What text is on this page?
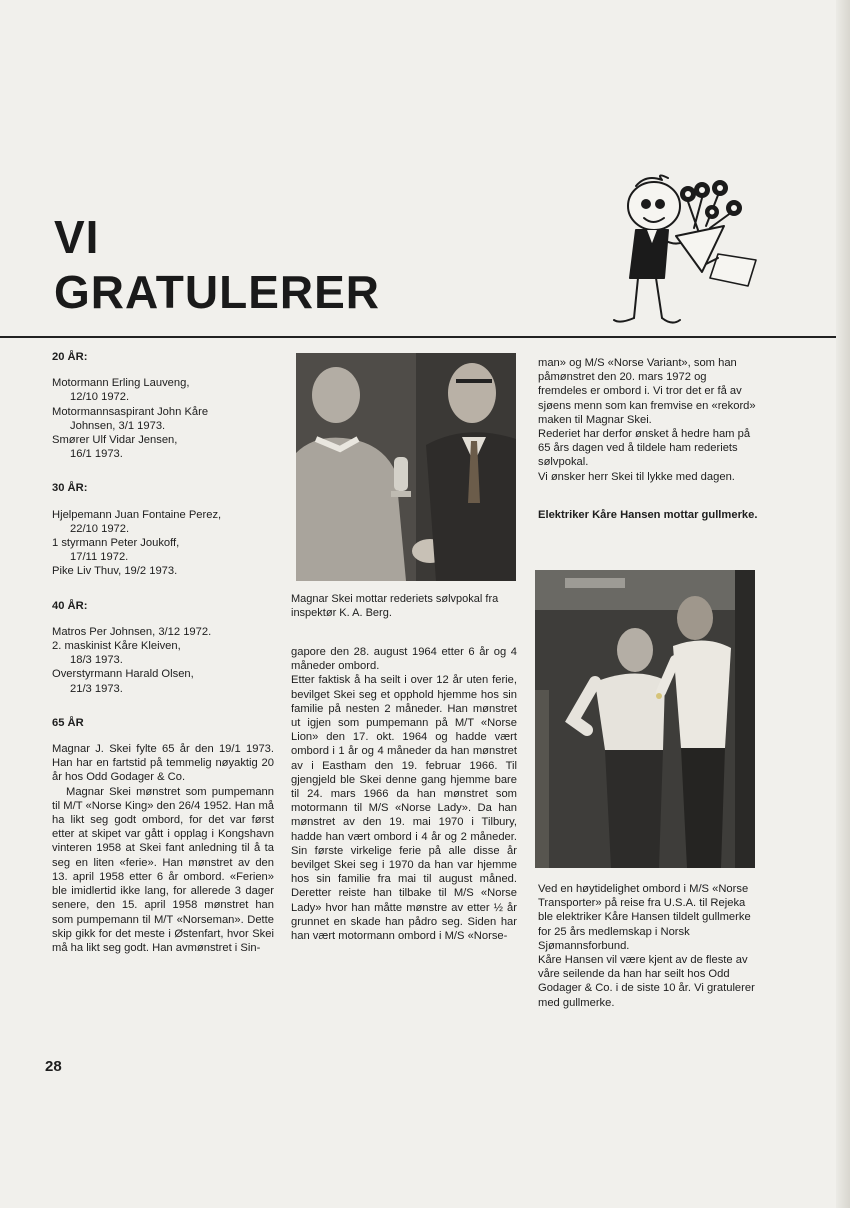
VI
GRATULERER
20 ÅR:
Motormann Erling Lauveng,
12/10 1972.
Motormannsaspirant John Kåre
Johnsen, 3/1 1973.
Smører Ulf Vidar Jensen,
16/1 1973.
30 ÅR:
Hjelpemann Juan Fontaine Perez,
22/10 1972.
1 styrmann Peter Joukoff,
17/11 1972.
Pike Liv Thuv, 19/2 1973.
40 ÅR:
Matros Per Johnsen, 3/12 1972.
2. maskinist Kåre Kleiven,
18/3 1973.
Overstyrmann Harald Olsen,
21/3 1973.
65 ÅR

Magnar J. Skei fylte 65 år den 19/1 1973. Han har en fartstid på temmelig nøyaktig 20 år hos Odd Godager & Co.

Magnar Skei mønstret som pumpemann til M/T «Norse King» den 26/4 1952. Han må ha likt seg godt ombord, for det var først etter at skipet var gått i opplag i Kongshavn vinteren 1958 at Skei fant anledning til å ta seg en liten «ferie». Han mønstret av den 13. april 1958 etter 6 år ombord. «Ferien» ble imidlertid ikke lang, for allerede 3 dager senere, den 15. april 1958 mønstret han som pumpemann til M/T «Norseman». Dette skip gikk for det meste i Østenfart, hvor Skei må ha likt seg godt. Han avmønstret i Sin-

Magnar Skei mottar rederiets sølvpokal fra inspektør K. A. Berg.

gapore den 28. august 1964 etter 6 år og 4 måneder ombord.

Etter faktisk å ha seilt i over 12 år uten ferie, bevilget Skei seg et opphold hjemme hos sin familie på nesten 2 måneder. Han mønstret ut igjen som pumpemann på M/T «Norse Lion» den 17. okt. 1964 og hadde vært ombord i 1 år og 4 måneder da han mønstret av i Eastham den 19. februar 1966. Til gjengjeld ble Skei denne gang hjemme bare til 24. mars 1966 da han mønstret som motormann til M/S «Norse Lady». Da han mønstret av den 19. mai 1970 i Tilbury, hadde han vært ombord i 4 år og 2 måneder. Sin første virkelige ferie på alle disse år bevilget Skei seg i 1970 da han var hjemme hos sin familie fra mai til august måned. Deretter reiste han tilbake til M/S «Norse Lady» hvor han måtte mønstre av etter ½ år grunnet en skade han pådro seg. Siden har han vært motormann ombord i M/S «Norse-

man» og M/S «Norse Variant», som han påmønstret den 20. mars 1972 og fremdeles er ombord i. Vi tror det er få av sjøens menn som kan fremvise en «rekord» maken til Magnar Skei.

Rederiet har derfor ønsket å hedre ham på 65 års dagen ved å tildele ham rederiets sølvpokal.

Vi ønsker herr Skei til lykke med dagen.

Elektriker Kåre Hansen mottar gullmerke.

Ved en høytidelighet ombord i M/S «Norse Transporter» på reise fra U.S.A. til Rejeka ble elektriker Kåre Hansen tildelt gullmerke for 25 års medlemskap i Norsk Sjømannsforbund.

Kåre Hansen vil være kjent av de fleste av våre seilende da han har seilt hos Odd Godager & Co. i de siste 10 år. Vi gratulerer med gullmerke.

28
